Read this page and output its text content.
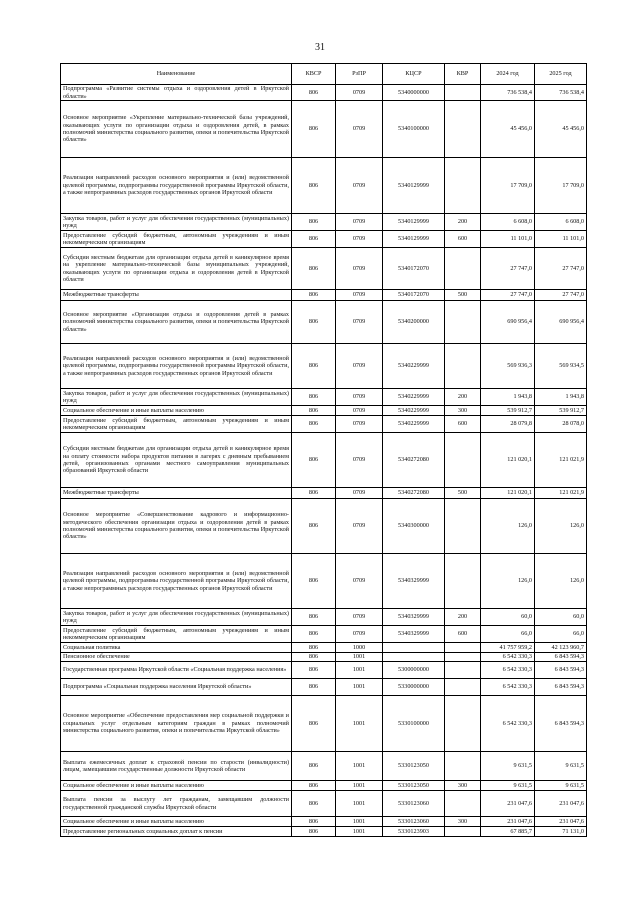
31
Наименование	КВСР	РзПР	КЦСР	КВР	2024 год	2025 год
Подпрограмма «Развитие системы отдыха и оздоровления детей в Иркутской области»	806	0709	5340000000		736 538,4	736 538,4
Основное мероприятие «Укрепление материально-технической базы учреждений, оказывающих услуги по организации отдыха и оздоровления детей, в рамках полномочий министерства социального развития, опеки и попечительства Иркутской области»	806	0709	5340100000		45 456,0	45 456,0
Реализация направлений расходов основного мероприятия и (или) ведомственной целевой программы, подпрограммы государственной программы Иркутской области, а также непрограммных расходов государственных органов Иркутской области	806	0709	5340129999		17 709,0	17 709,0
Закупка товаров, работ и услуг для обеспечения государственных (муниципальных) нужд	806	0709	5340129999	200	6 608,0	6 608,0
Предоставление субсидий бюджетным, автономным учреждениям и иным некоммерческим организациям	806	0709	5340129999	600	11 101,0	11 101,0
Субсидии местным бюджетам для организации отдыха детей в каникулярное время на укрепление материально-технической базы муниципальных учреждений, оказывающих услуги по организации отдыха и оздоровления детей в Иркутской области	806	0709	5340172070		27 747,0	27 747,0
Межбюджетные трансферты	806	0709	5340172070	500	27 747,0	27 747,0
Основное мероприятие «Организация отдыха и оздоровления детей в рамках полномочий министерства социального развития, опеки и попечительства Иркутской области»	806	0709	5340200000		690 956,4	690 956,4
Реализация направлений расходов основного мероприятия и (или) ведомственной целевой программы, подпрограммы государственной программы Иркутской области, а также непрограммных расходов государственных органов Иркутской области	806	0709	5340229999		569 936,3	569 934,5
Закупка товаров, работ и услуг для обеспечения государственных (муниципальных) нужд	806	0709	5340229999	200	1 943,8	1 943,8
Социальное обеспечение и иные выплаты населению	806	0709	5340229999	300	539 912,7	539 912,7
Предоставление субсидий бюджетным, автономным учреждениям и иным некоммерческим организациям	806	0709	5340229999	600	28 079,8	28 078,0
Субсидии местным бюджетам для организации отдыха детей в каникулярное время на оплату стоимости набора продуктов питания в лагерях с дневным пребыванием детей, организованных органами местного самоуправления муниципальных образований Иркутской области	806	0709	5340272080		121 020,1	121 021,9
Межбюджетные трансферты	806	0709	5340272080	500	121 020,1	121 021,9
Основное мероприятие «Совершенствование кадрового и информационно-методического обеспечения организации отдыха и оздоровления детей в рамках полномочий министерства социального развития, опеки и попечительства Иркутской области»	806	0709	5340300000		126,0	126,0
Реализация направлений расходов основного мероприятия и (или) ведомственной целевой программы, подпрограммы государственной программы Иркутской области, а также непрограммных расходов государственных органов Иркутской области	806	0709	5340329999		126,0	126,0
Закупка товаров, работ и услуг для обеспечения государственных (муниципальных) нужд	806	0709	5340329999	200	60,0	60,0
Предоставление субсидий бюджетным, автономным учреждениям и иным некоммерческим организациям	806	0709	5340329999	600	66,0	66,0
Социальная политика	806	1000			41 757 959,2	42 123 960,7
Пенсионное обеспечение	806	1001			6 542 330,3	6 843 594,3
Государственная программа Иркутской области «Социальная поддержка населения»	806	1001	5300000000		6 542 330,3	6 843 594,3
Подпрограмма «Социальная поддержка населения Иркутской области»	806	1001	5330000000		6 542 330,3	6 843 594,3
Основное мероприятие «Обеспечение предоставления мер социальной поддержки и социальных услуг отдельным категориям граждан в рамках полномочий министерства социального развития, опеки и попечительства Иркутской области»	806	1001	5330100000		6 542 330,3	6 843 594,3
Выплата ежемесячных доплат к страховой пенсии по старости (инвалидности) лицам, замещавшим государственные должности Иркутской области	806	1001	5330123050		9 631,5	9 631,5
Социальное обеспечение и иные выплаты населению	806	1001	5330123050	300	9 631,5	9 631,5
Выплата пенсии за выслугу лет гражданам, замещавшим должности государственной гражданской службы Иркутской области	806	1001	5330123060		231 047,6	231 047,6
Социальное обеспечение и иные выплаты населению	806	1001	5330123060	300	231 047,6	231 047,6
Предоставление региональных социальных доплат к пенсии	806	1001	5330123903		67 885,7	71 131,0
